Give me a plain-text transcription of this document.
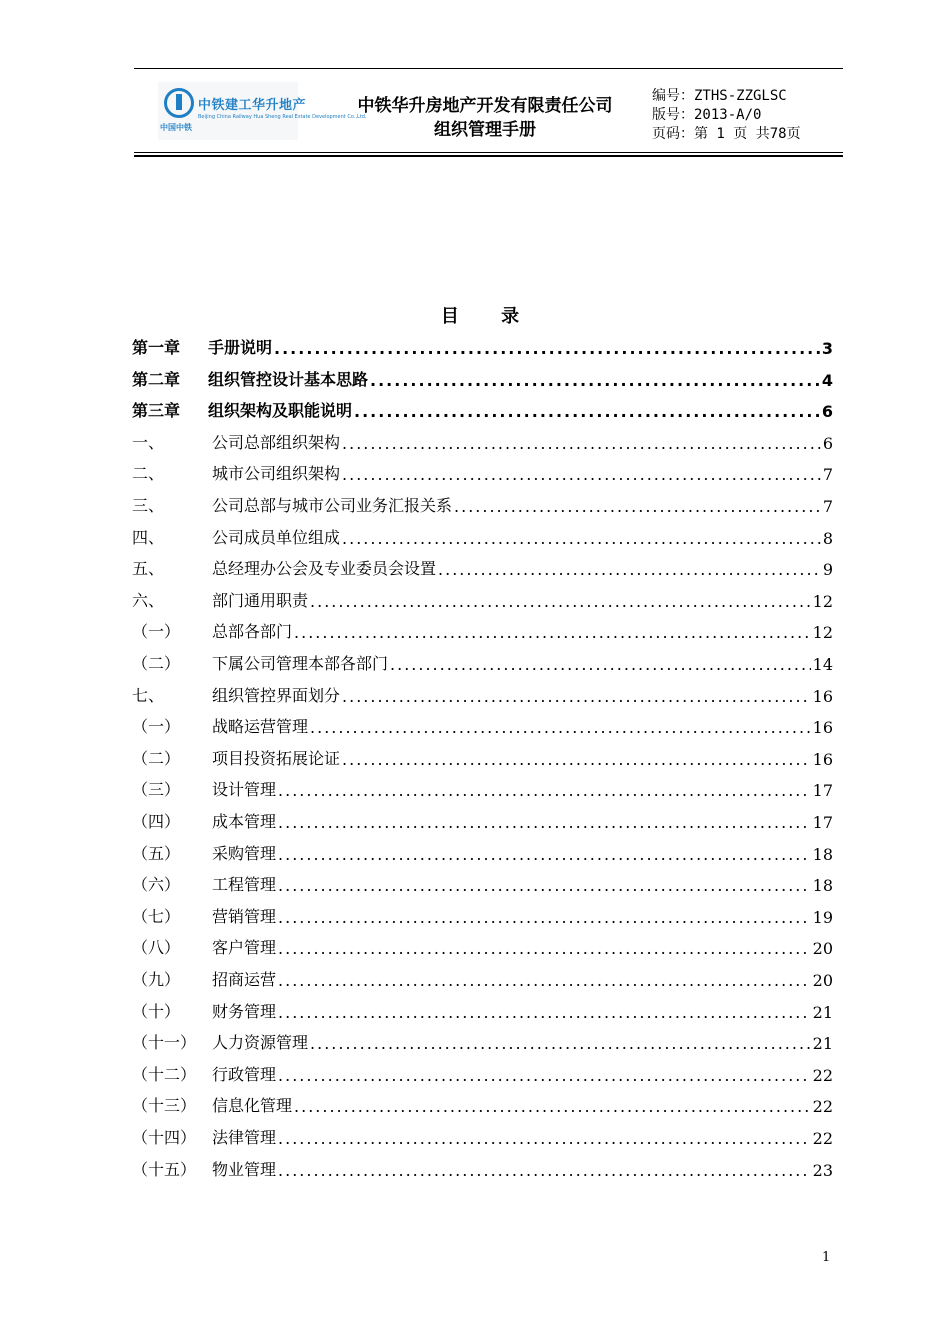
中铁建工华升地产
Beijing China Railway Hua Sheng Real Estate Development Co.,Ltd.
中国中铁
中铁华升房地产开发有限责任公司
组织管理手册
编号：ZTHS-ZZGLSC
版号：2013-A/0
页码：第 1 页 共78页
目 录
第一章	手册说明 .....	3
第二章	组织管控设计基本思路 .....	4
第三章	组织架构及职能说明 .....	6
一、	公司总部组织架构 .....	6
二、	城市公司组织架构 .....	7
三、	公司总部与城市公司业务汇报关系 .....	7
四、	公司成员单位组成 .....	8
五、	总经理办公会及专业委员会设置 .....	9
六、	部门通用职责 .....	12
（一）	总部各部门 .....	12
（二）	下属公司管理本部各部门 .....	14
七、	组织管控界面划分 .....	16
（一）	战略运营管理 .....	16
（二）	项目投资拓展论证 .....	16
（三）	设计管理 .....	17
（四）	成本管理 .....	17
（五）	采购管理 .....	18
（六）	工程管理 .....	18
（七）	营销管理 .....	19
（八）	客户管理 .....	20
（九）	招商运营 .....	20
（十）	财务管理 .....	21
（十一） 人力资源管理 .....	21
（十二） 行政管理 .....	22
（十三） 信息化管理 .....	22
（十四） 法律管理 .....	22
（十五） 物业管理 .....	23
1
